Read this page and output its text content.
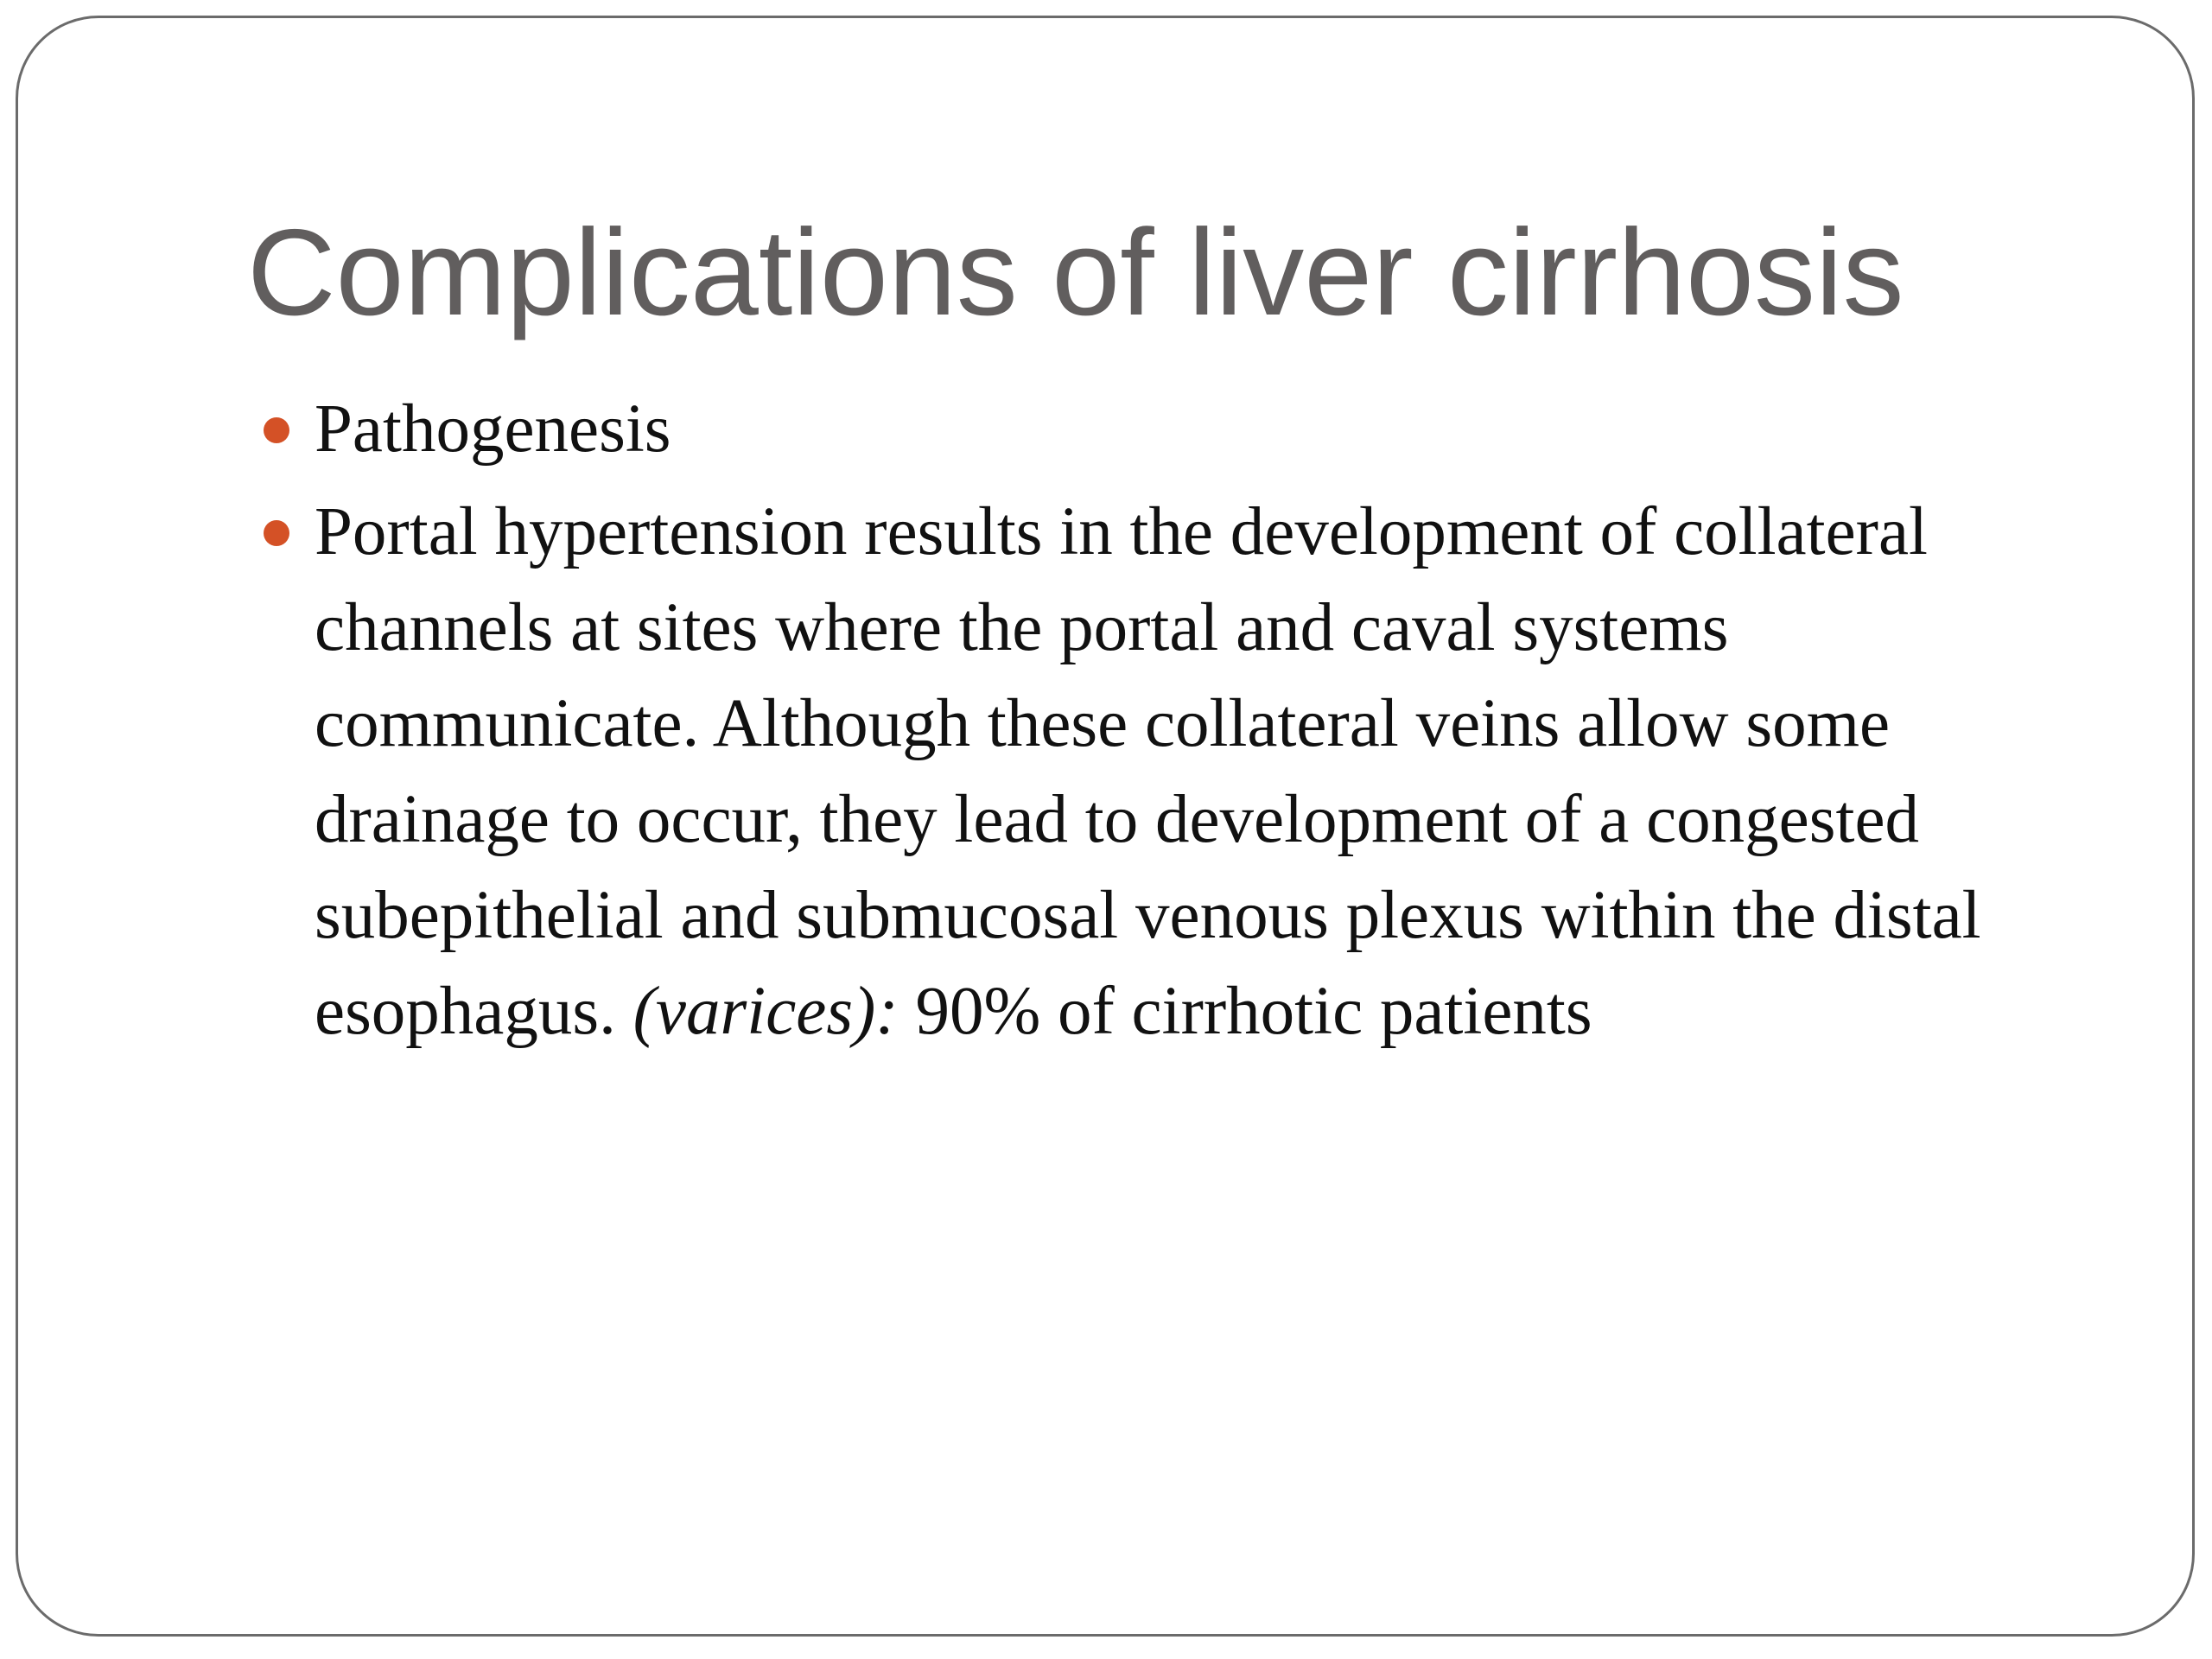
Complications of liver cirrhosis
Pathogenesis
Portal hypertension results in the development of collateral channels at sites where the portal and caval systems communicate. Although these collateral veins allow some drainage to occur, they lead to development of a congested subepithelial and submucosal venous plexus within the distal esophagus. (varices): 90% of cirrhotic patients
